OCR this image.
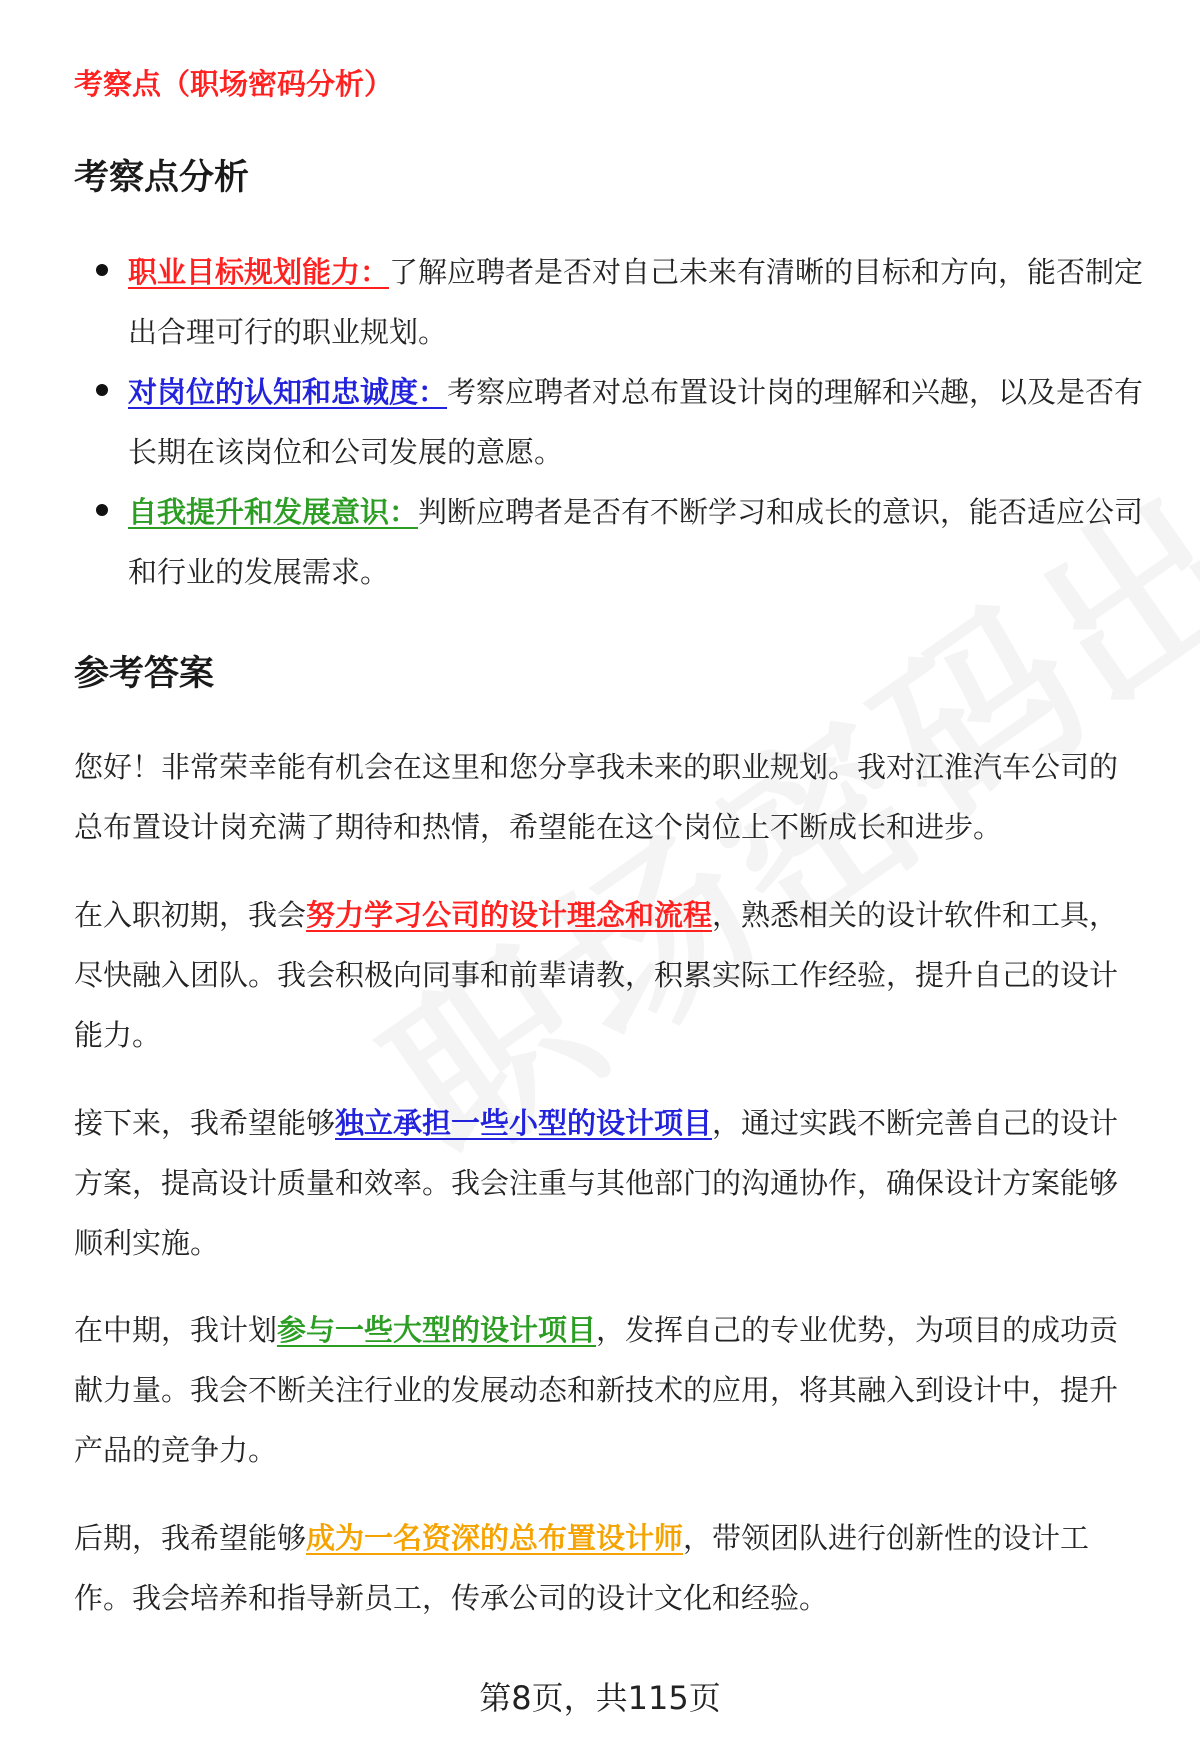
考察点（职场密码分析）
考察点分析
职业目标规划能力：了解应聘者是否对自己未来有清晰的目标和方向，能否制定出合理可行的职业规划。
对岗位的认知和忠诚度：考察应聘者对总布置设计岗的理解和兴趣，以及是否有长期在该岗位和公司发展的意愿。
自我提升和发展意识：判断应聘者是否有不断学习和成长的意识，能否适应公司和行业的发展需求。
参考答案
您好！非常荣幸能有机会在这里和您分享我未来的职业规划。我对江淮汽车公司的总布置设计岗充满了期待和热情，希望能在这个岗位上不断成长和进步。
在入职初期，我会努力学习公司的设计理念和流程，熟悉相关的设计软件和工具，尽快融入团队。我会积极向同事和前辈请教，积累实际工作经验，提升自己的设计能力。
接下来，我希望能够独立承担一些小型的设计项目，通过实践不断完善自己的设计方案，提高设计质量和效率。我会注重与其他部门的沟通协作，确保设计方案能够顺利实施。
在中期，我计划参与一些大型的设计项目，发挥自己的专业优势，为项目的成功贡献力量。我会不断关注行业的发展动态和新技术的应用，将其融入到设计中，提升产品的竞争力。
后期，我希望能够成为一名资深的总布置设计师，带领团队进行创新性的设计工作。我会培养和指导新员工，传承公司的设计文化和经验。
第8页，共115页
